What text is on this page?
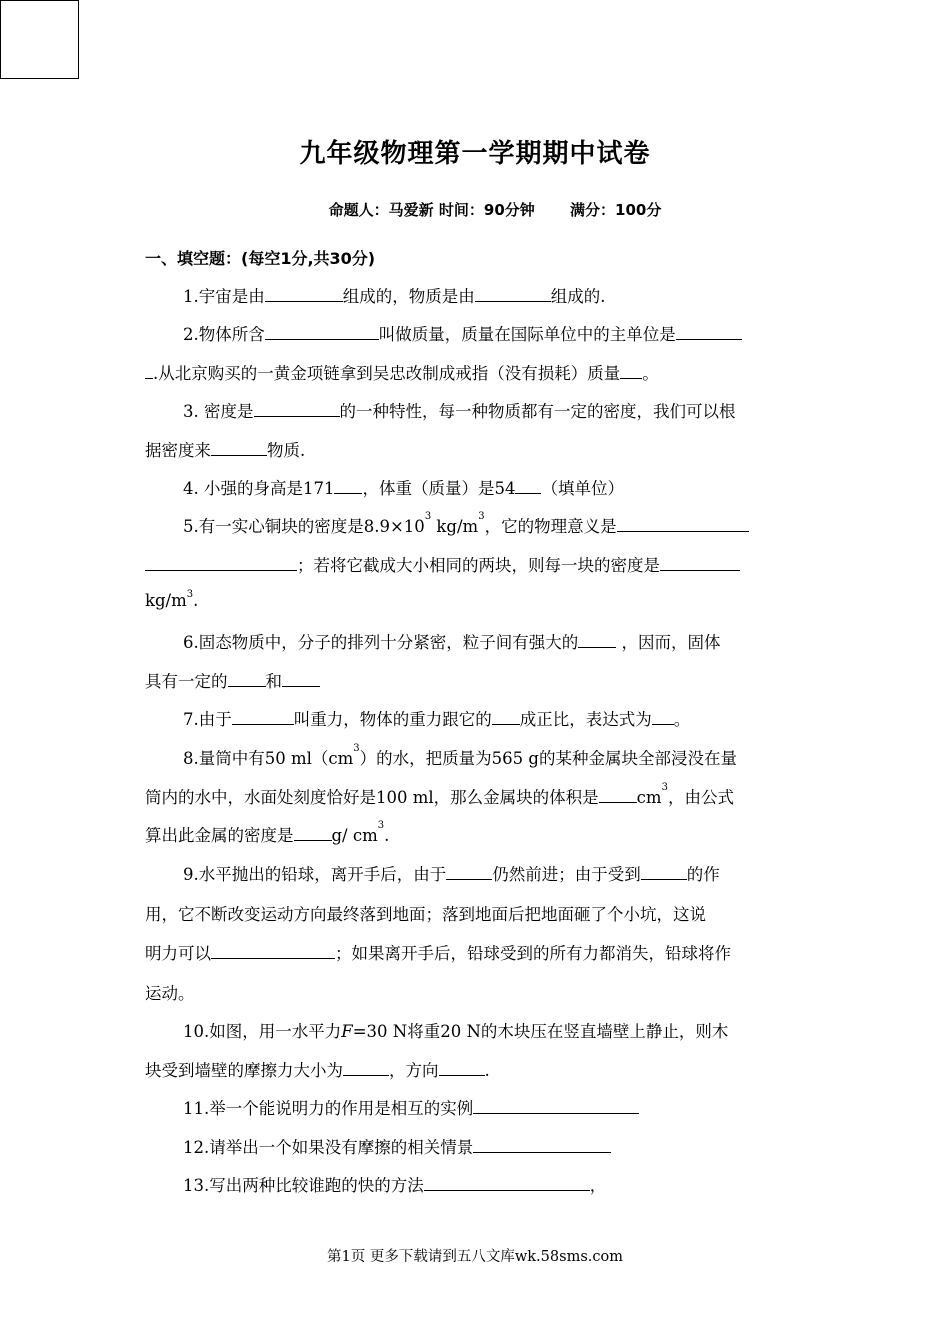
九年级物理第一学期期中试卷
命题人：马爱新 时间：90分钟 满分：100分
一、填空题：(每空1分,共30分)
1.宇宙是由	组成的，物质是由	组成的.
2.物体所含	叫做质量，质量在国际单位中的主单位是
.从北京购买的一黄金项链拿到吴忠改制成戒指（没有损耗）质量 。
3. 密度是	的一种特性，每一种物质都有一定的密度，我们可以根
据密度来	物质.
4. 小强的身高是171 ，体重（质量）是54 （填单位）
5.有一实心铜块的密度是$8.9\times 10^3$ $kg/m^3$，它的物理意义是
；若将它截成大小相同的两块，则每一块的密度是
$kg/m^3$.
6.固态物质中，分子的排列十分紧密，粒子间有强大的	，因而，固体
具有一定的 和
7.由于	叫重力，物体的重力跟它的 成正比，表达式为 。
8.量筒中有50 $ml(cm^3)$的水，把质量为565 g的某种金属块全部浸没在量
筒内的水中，水面处刻度恰好是100 ml，那么金属块的体积是 $cm^3$，由公式
算出此金属的密度是 g/ $cm^3$.
9.水平抛出的铅球，离开手后，由于	仍然前进；由于受到	的作
用，它不断改变运动方向最终落到地面；落到地面后把地面砸了个小坑，这说
明力可以	；如果离开手后，铅球受到的所有力都消失，铅球将作
运动。
10.如图，用一水平力F=30 N将重20 N的木块压在竖直墙壁上静止，则木
块受到墙壁的摩擦力大小为	，方向	.
11.举一个能说明力的作用是相互的实例
12.请举出一个如果没有摩擦的相关情景
13.写出两种比较谁跑的快的方法	，
第1页 更多下载请到五八文库wk.58sms.com
